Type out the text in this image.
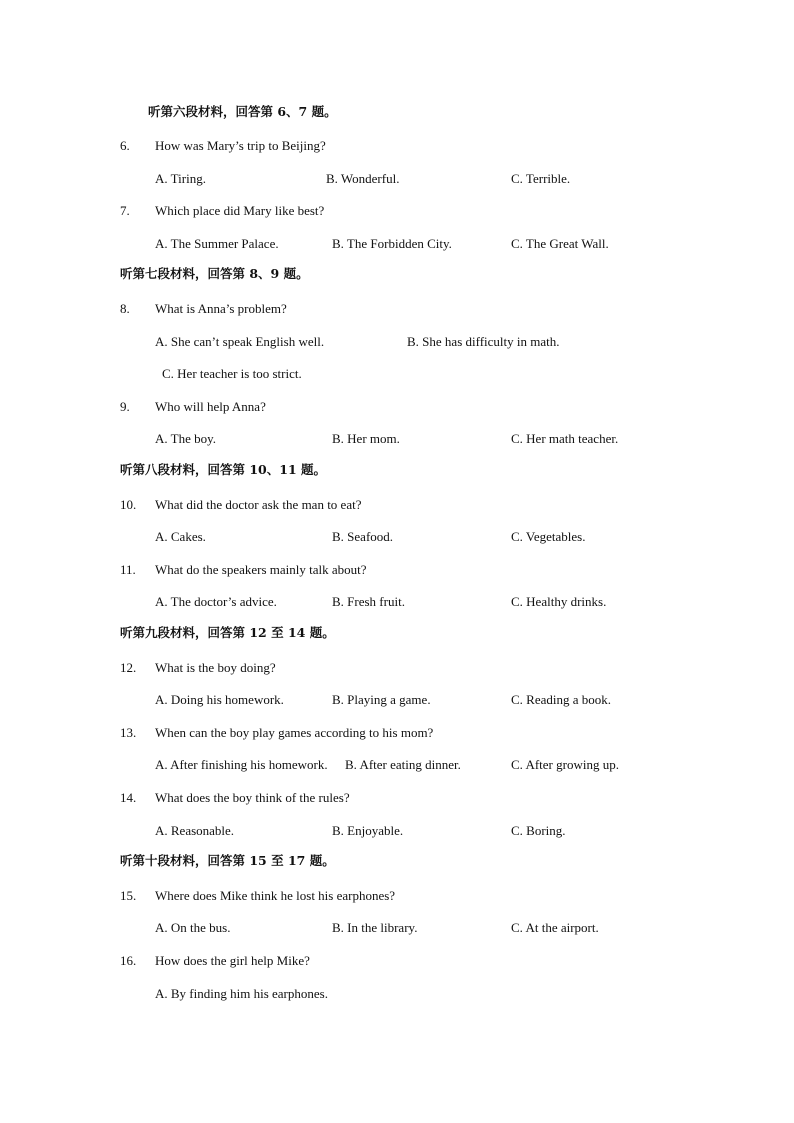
听第六段材料，回答第 6、7 题。
6. How was Mary’s trip to Beijing?
A. Tiring.	B. Wonderful.	C. Terrible.
7. Which place did Mary like best?
A. The Summer Palace.	B. The Forbidden City.	C. The Great Wall.
听第七段材料，回答第 8、9 题。
8. What is Anna’s problem?
A. She can’t speak English well.	B. She has difficulty in math.
C. Her teacher is too strict.
9. Who will help Anna?
A. The boy.	B. Her mom.	C. Her math teacher.
听第八段材料，回答第 10、11 题。
10. What did the doctor ask the man to eat?
A. Cakes.	B. Seafood.	C. Vegetables.
11. What do the speakers mainly talk about?
A. The doctor’s advice.	B. Fresh fruit.	C. Healthy drinks.
听第九段材料，回答第 12 至 14 题。
12. What is the boy doing?
A. Doing his homework.	B. Playing a game.	C. Reading a book.
13. When can the boy play games according to his mom?
A. After finishing his homework. B. After eating dinner.	C. After growing up.
14. What does the boy think of the rules?
A. Reasonable.	B. Enjoyable.	C. Boring.
听第十段材料，回答第 15 至 17 题。
15. Where does Mike think he lost his earphones?
A. On the bus.	B. In the library.	C. At the airport.
16. How does the girl help Mike?
A. By finding him his earphones.
